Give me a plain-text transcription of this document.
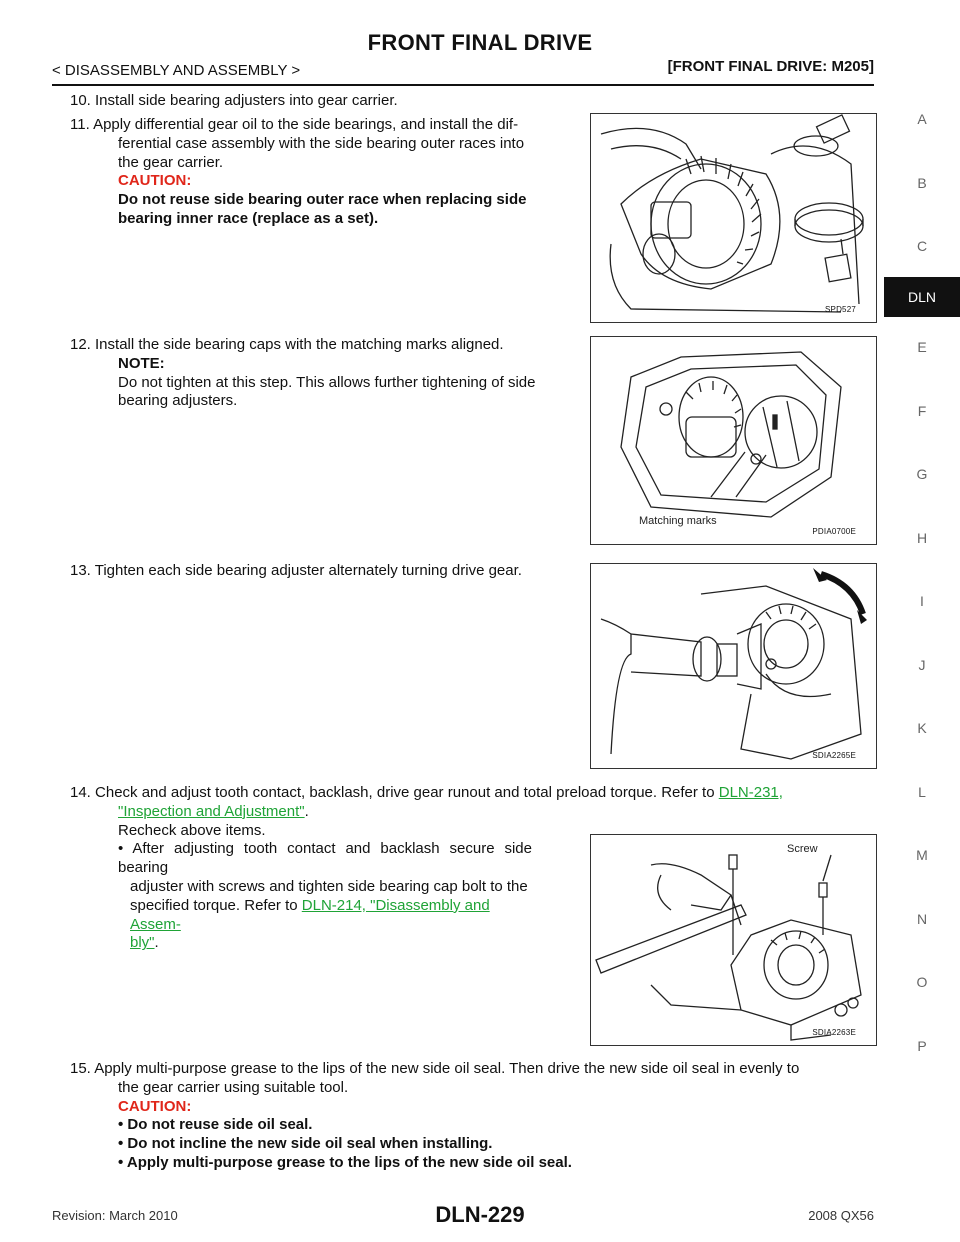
FRONT FINAL DRIVE
< DISASSEMBLY AND ASSEMBLY >	[FRONT FINAL DRIVE: M205]
A
B
C
DLN
E
F
G
H
I
J
K
L
M
N
O
P
10. Install side bearing adjusters into gear carrier.

11. Apply differential gear oil to the side bearings, and install the dif-

ferential case assembly with the side bearing outer races into

the gear carrier.

CAUTION:

Do not reuse side bearing outer race when replacing side

bearing inner race (replace as a set).

SPD527

12. Install the side bearing caps with the matching marks aligned.

NOTE:

Do not tighten at this step. This allows further tightening of side

bearing adjusters.

Matching marks
PDIA0700E
13. Tighten each side bearing adjuster alternately turning drive gear.
SDIA2265E

14. Check and adjust tooth contact, backlash, drive gear runout and total preload torque. Refer to DLN-231,

"Inspection and Adjustment".

Recheck above items.

• After adjusting tooth contact and backlash secure side bearing

adjuster with screws and tighten side bearing cap bolt to the

specified torque. Refer to DLN-214, "Disassembly and Assem-

bly".

Screw
SDIA2263E

15. Apply multi-purpose grease to the lips of the new side oil seal. Then drive the new side oil seal in evenly to

the gear carrier using suitable tool.

CAUTION:

• Do not reuse side oil seal.

• Do not incline the new side oil seal when installing.

• Apply multi-purpose grease to the lips of the new side oil seal.

Revision: March 2010	DLN-229	2008 QX56
